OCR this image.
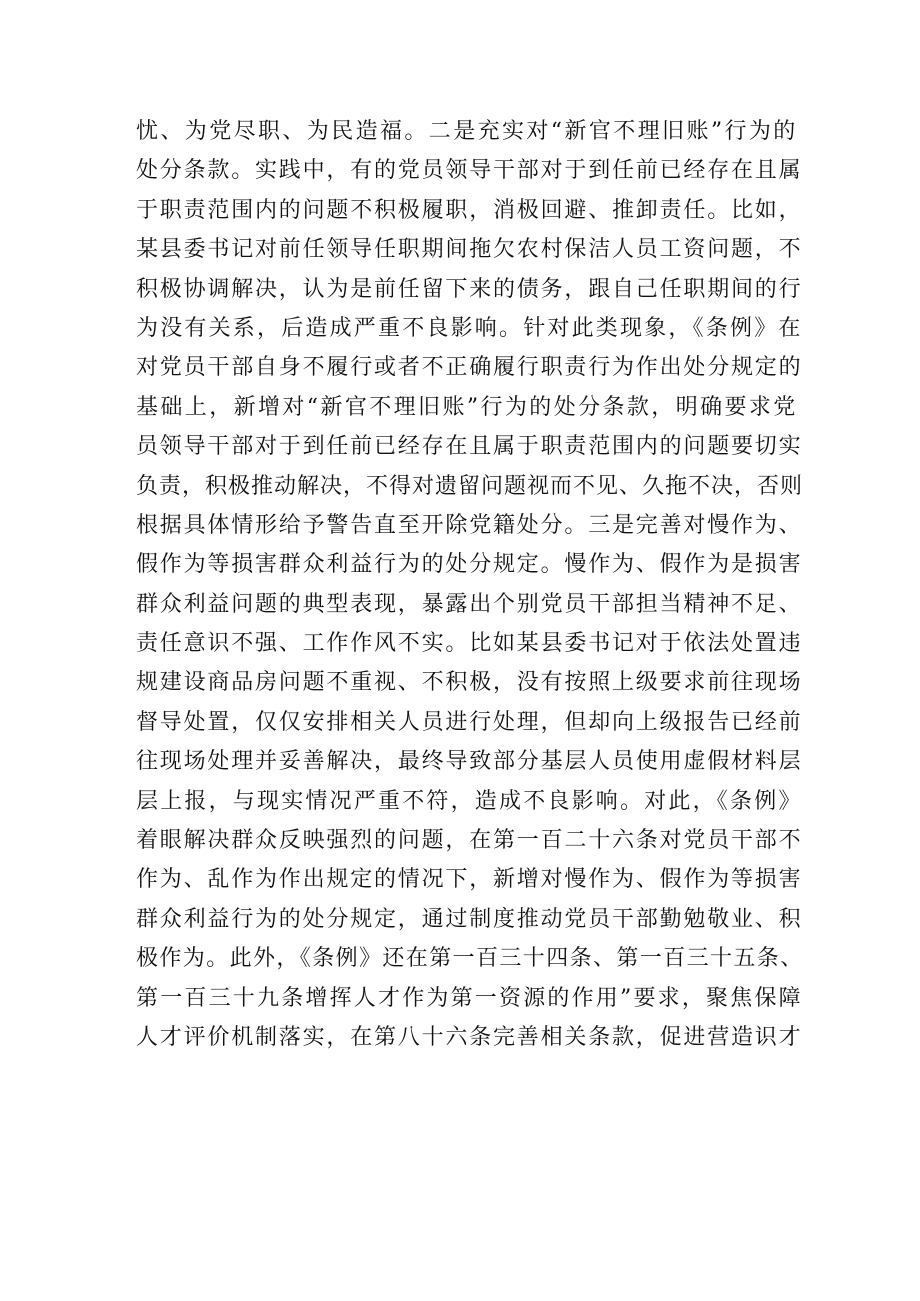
忧、为党尽职、为民造福。二是充实对“新官不理旧账”行为的
处分条款。实践中，有的党员领导干部对于到任前已经存在且属
于职责范围内的问题不积极履职，消极回避、推卸责任。比如，
某县委书记对前任领导任职期间拖欠农村保洁人员工资问题，不
积极协调解决，认为是前任留下来的债务，跟自己任职期间的行
为没有关系，后造成严重不良影响。针对此类现象，《条例》在
对党员干部自身不履行或者不正确履行职责行为作出处分规定的
基础上，新增对“新官不理旧账”行为的处分条款，明确要求党
员领导干部对于到任前已经存在且属于职责范围内的问题要切实
负责，积极推动解决，不得对遗留问题视而不见、久拖不决，否则
根据具体情形给予警告直至开除党籍处分。三是完善对慢作为、
假作为等损害群众利益行为的处分规定。慢作为、假作为是损害
群众利益问题的典型表现，暴露出个别党员干部担当精神不足、
责任意识不强、工作作风不实。比如某县委书记对于依法处置违
规建设商品房问题不重视、不积极，没有按照上级要求前往现场
督导处置，仅仅安排相关人员进行处理，但却向上级报告已经前
往现场处理并妥善解决，最终导致部分基层人员使用虚假材料层
层上报，与现实情况严重不符，造成不良影响。对此，《条例》
着眼解决群众反映强烈的问题，在第一百二十六条对党员干部不
作为、乱作为作出规定的情况下，新增对慢作为、假作为等损害
群众利益行为的处分规定，通过制度推动党员干部勤勉敬业、积
极作为。此外，《条例》还在第一百三十四条、第一百三十五条、
第一百三十九条增挥人才作为第一资源的作用”要求，聚焦保障
人才评价机制落实，在第八十六条完善相关条款，促进营造识才
